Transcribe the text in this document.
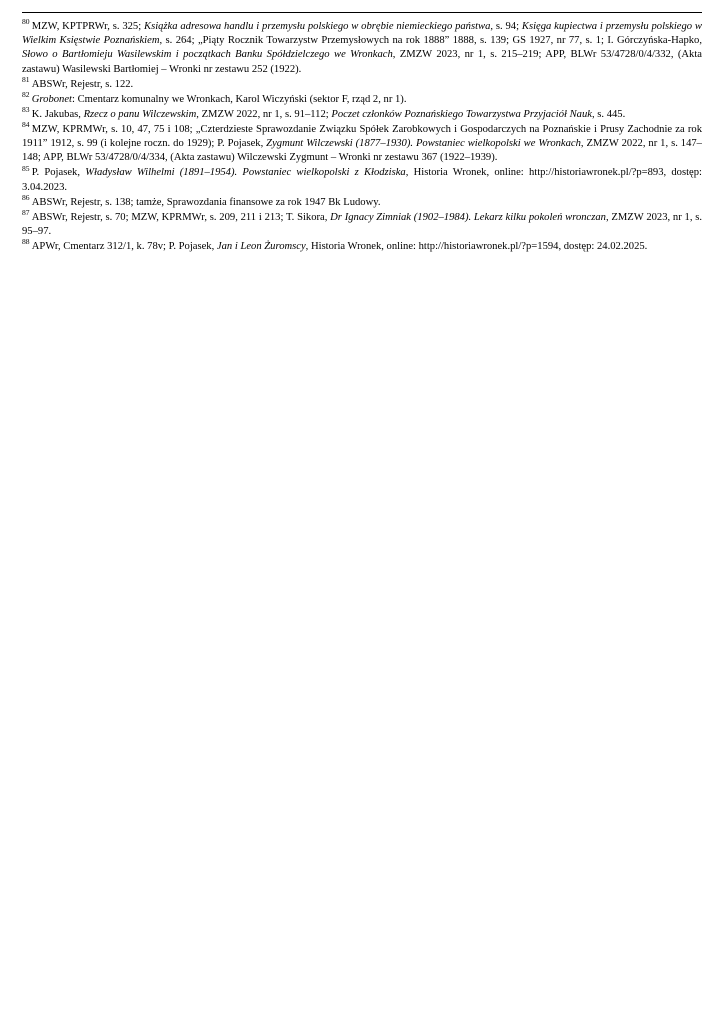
$^{80}$ MZW, KPTPRWr, s. 325; Książka adresowa handlu i przemysłu polskiego w obrębie niemieckiego państwa, s. 94; Księga kupiectwa i przemysłu polskiego w Wielkim Księstwie Poznańskiem, s. 264; „Piąty Rocznik Towarzystw Przemysłowych na rok 1888” 1888, s. 139; GS 1927, nr 77, s. 1; I. Górczyńska-Hapko, Słowo o Bartłomieju Wasilewskim i początkach Banku Spółdzielczego we Wronkach, ZMZW 2023, nr 1, s. 215–219; APP, BLWr 53/4728/0/4/332, (Akta zastawu) Wasilewski Bartłomiej – Wronki nr zestawu 252 (1922).

$^{81}$ ABSWr, Rejestr, s. 122.

$^{82}$ Grobonet: Cmentarz komunalny we Wronkach, Karol Wiczyński (sektor F, rząd 2, nr 1).

$^{83}$ K. Jakubas, Rzecz o panu Wilczewskim, ZMZW 2022, nr 1, s. 91–112; Poczet członków Poznańskiego Towarzystwa Przyjaciół Nauk, s. 445.

$^{84}$ MZW, KPRMWr, s. 10, 47, 75 i 108; „Czterdzieste Sprawozdanie Związku Spółek Zarobkowych i Gospodarczych na Poznańskie i Prusy Zachodnie za rok 1911” 1912, s. 99 (i kolejne roczn. do 1929); P. Pojasek, Zygmunt Wilczewski (1877–1930). Powstaniec wielkopolski we Wronkach, ZMZW 2022, nr 1, s. 147–148; APP, BLWr 53/4728/0/4/334, (Akta zastawu) Wilczewski Zygmunt – Wronki nr zestawu 367 (1922–1939).

$^{85}$ P. Pojasek, Władysław Wilhelmi (1891–1954). Powstaniec wielkopolski z Kłodziska, Historia Wronek, online: http://historiawronek.pl/?p=893, dostęp: 3.04.2023.

$^{86}$ ABSWr, Rejestr, s. 138; tamże, Sprawozdania finansowe za rok 1947 Bk Ludowy.

$^{87}$ ABSWr, Rejestr, s. 70; MZW, KPRMWr, s. 209, 211 i 213; T. Sikora, Dr Ignacy Zimniak (1902–1984). Lekarz kilku pokoleń wronczan, ZMZW 2023, nr 1, s. 95–97.

$^{88}$ APWr, Cmentarz 312/1, k. 78v; P. Pojasek, Jan i Leon Żuromscy, Historia Wronek, online: http://historiawronek.pl/?p=1594, dostęp: 24.02.2025.
